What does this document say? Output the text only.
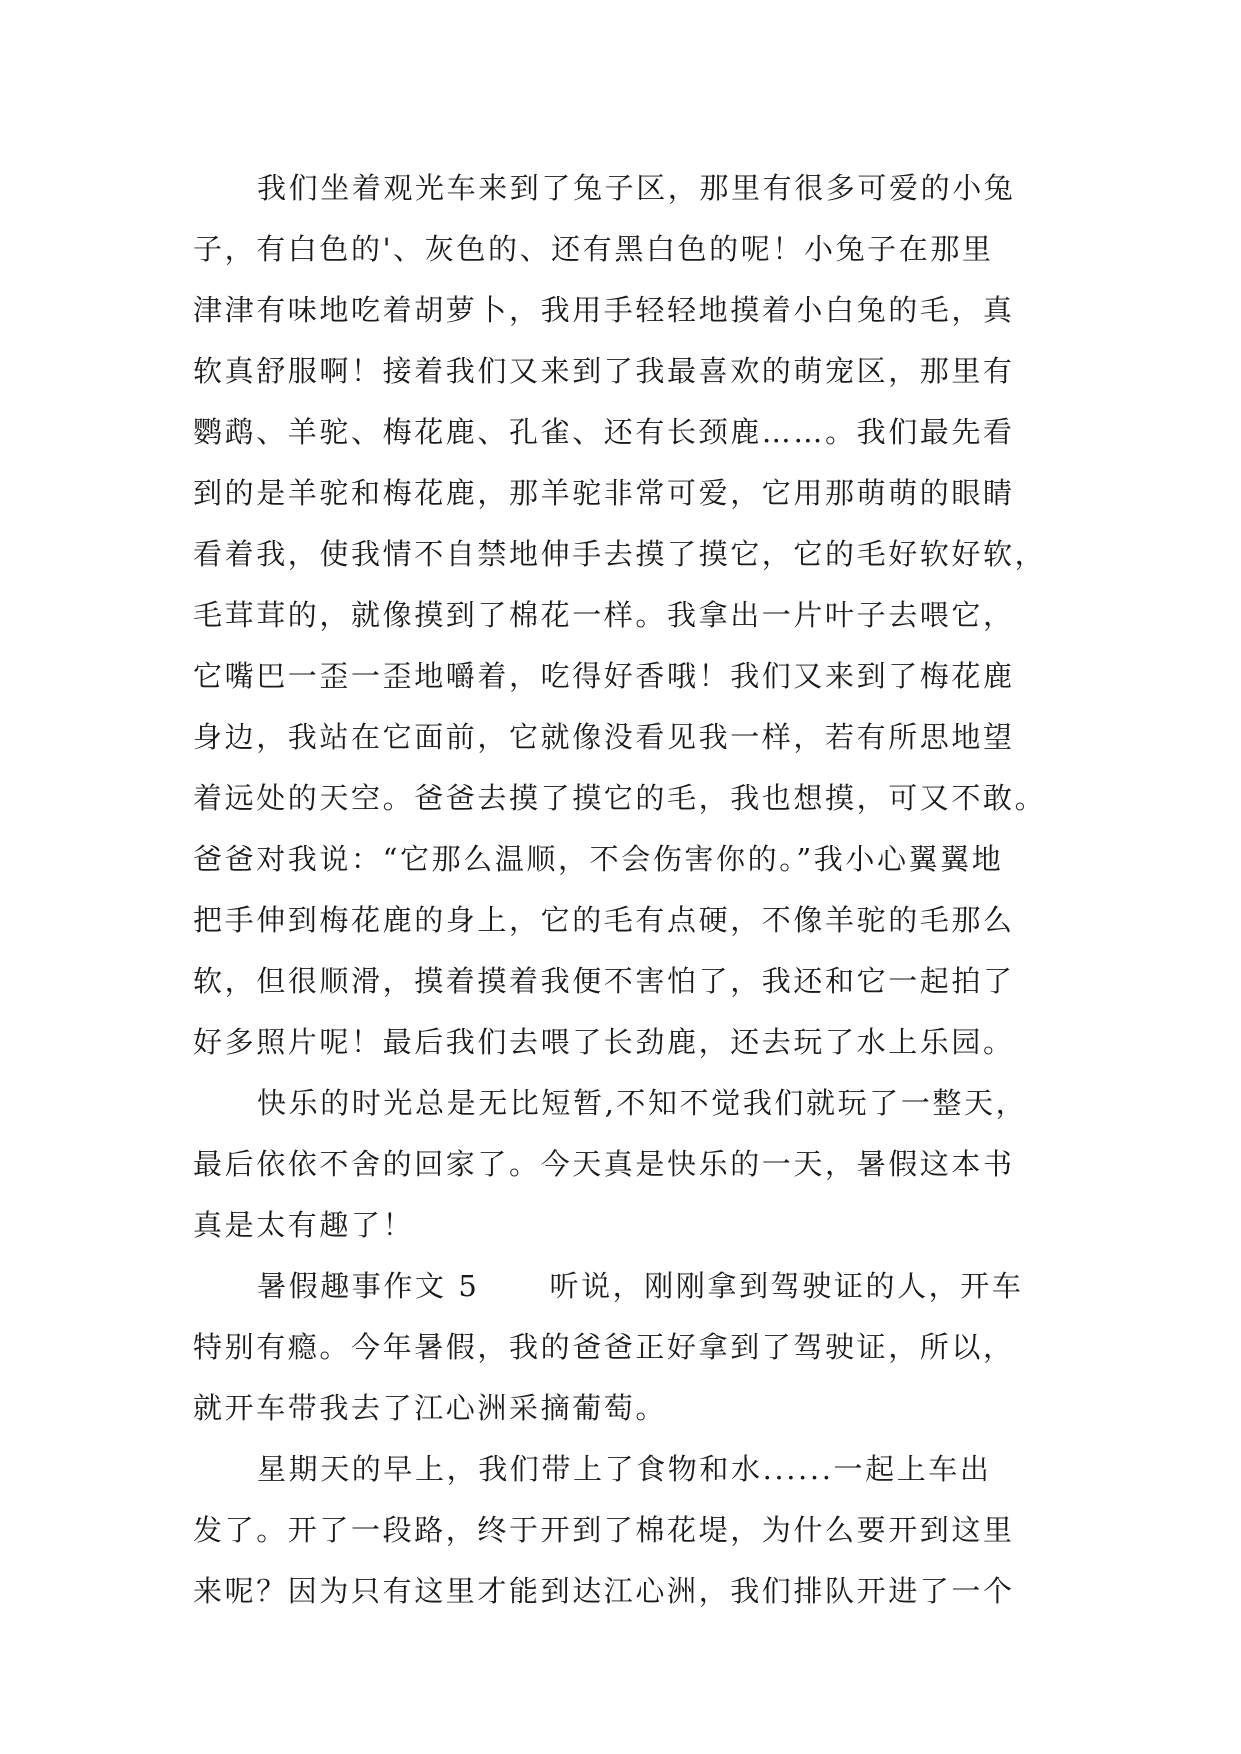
我们坐着观光车来到了兔子区，那里有很多可爱的小兔
子，有白色的'、灰色的、还有黑白色的呢！小兔子在那里
津津有味地吃着胡萝卜，我用手轻轻地摸着小白兔的毛，真
软真舒服啊！接着我们又来到了我最喜欢的萌宠区，那里有
鹦鹉、羊驼、梅花鹿、孔雀、还有长颈鹿……。我们最先看
到的是羊驼和梅花鹿，那羊驼非常可爱，它用那萌萌的眼睛
看着我，使我情不自禁地伸手去摸了摸它，它的毛好软好软，
毛茸茸的，就像摸到了棉花一样。我拿出一片叶子去喂它，
它嘴巴一歪一歪地嚼着，吃得好香哦！我们又来到了梅花鹿
身边，我站在它面前，它就像没看见我一样，若有所思地望
着远处的天空。爸爸去摸了摸它的毛，我也想摸，可又不敢。
爸爸对我说：“它那么温顺，不会伤害你的。”我小心翼翼地
把手伸到梅花鹿的身上，它的毛有点硬，不像羊驼的毛那么
软，但很顺滑，摸着摸着我便不害怕了，我还和它一起拍了
好多照片呢！最后我们去喂了长劲鹿，还去玩了水上乐园。
快乐的时光总是无比短暂,不知不觉我们就玩了一整天，
最后依依不舍的回家了。今天真是快乐的一天，暑假这本书
真是太有趣了！
暑假趣事作文 5 听说，刚刚拿到驾驶证的人，开车
特别有瘾。今年暑假，我的爸爸正好拿到了驾驶证，所以，
就开车带我去了江心洲采摘葡萄。
星期天的早上，我们带上了食物和水......一起上车出
发了。开了一段路，终于开到了棉花堤，为什么要开到这里
来呢？因为只有这里才能到达江心洲，我们排队开进了一个
